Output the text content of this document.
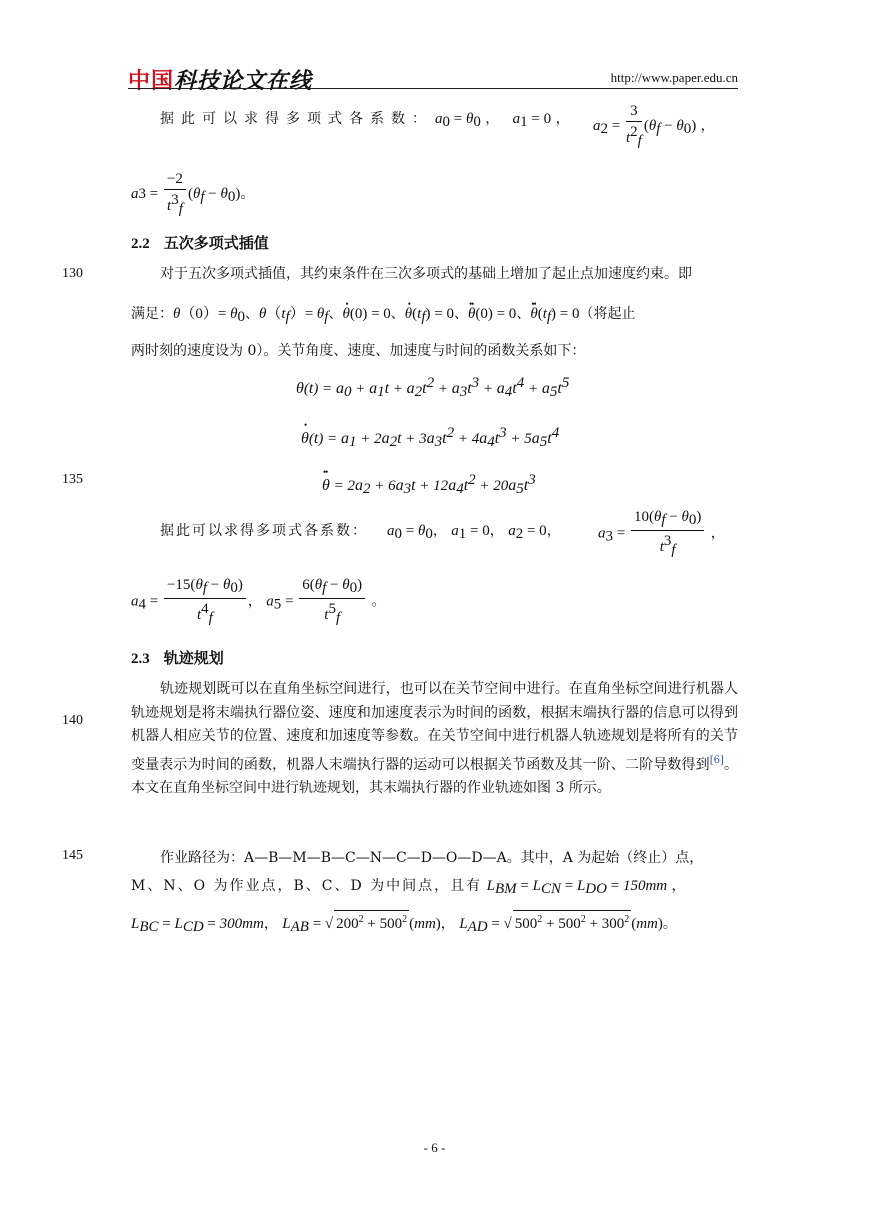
中国科技论文在线	http://www.paper.edu.cn
130
135
140
145
据此可以求得多项式各系数： $a_0 = \theta_0$ ， $a_1 = 0$ ， $a_2 = \frac{3}{t^2_f} (\theta_f - \theta_0)$ ，
$a3 = \frac{-2}{t^3_f} (\theta_f - \theta_0)$。
2.2 五次多项式插值
对于五次多项式插值，其约束条件在三次多项式的基础上增加了起止点加速度约束。即
满足：$\theta(0)= \theta_0$、$\theta(t_f)= \theta_f$、• θ(0) = 0、• $\theta(t_f) = 0$、•• θ(0) = 0、•• $\theta(t_f) = 0$（将起止
两时刻的速度设为 0）。关节角度、速度、加速度与时间的函数关系如下：
$\theta(t) = a_0 + a_1t + a_2t^2 + a_3t^3 + a_4t^4 + a_5t^5$
• $\theta(t) = a_1 + 2a_2t + 3a_3t^2 + 4a_4t^3 + 5a_5t^4$
•• $\theta = 2a_2 + 6a_3t + 12a_4t^2 + 20a_5t^3$
据此可以求得多项式各系数： $a_0 = \theta_0$， $a_1 = 0$， $a_2 = 0$， $a_3 = \frac{10(\theta_f - \theta_0)}{t^3_f}$ ，
$a_4 = \frac{-15(\theta_f - \theta_0)}{t^4_f}$ ， $a_5 = \frac{6(\theta_f - \theta_0)}{t^5_f}$ 。
2.3 轨迹规划
轨迹规划既可以在直角坐标空间进行，也可以在关节空间中进行。在直角坐标空间进行机器人轨迹规划是将末端执行器位姿、速度和加速度表示为时间的函数，根据末端执行器的信息可以得到机器人相应关节的位置、速度和加速度等参数。在关节空间中进行机器人轨迹规划是将所有的关节变量表示为时间的函数，机器人末端执行器的运动可以根据关节函数及其一阶、二阶导数得到[6]。本文在直角坐标空间中进行轨迹规划，其末端执行器的作业轨迹如图 3 所示。
作业路径为：A—B—M—B—C—N—C—D—O—D—A。其中，A 为起始（终止）点，
M、N、O 为作业点，B、C、D 为中间点，且有 $L_{BM} = L_{CN} = L_{DO} = 150mm$ ，
$L_{BC} = L_{CD} = 300mm$， $L_{AB}$ = √ $200^2 + 500^2$ (mm)， $L_{AD}$ = √ $500^2 + 500^2 + 300^2$ (mm)。
- 6 -
